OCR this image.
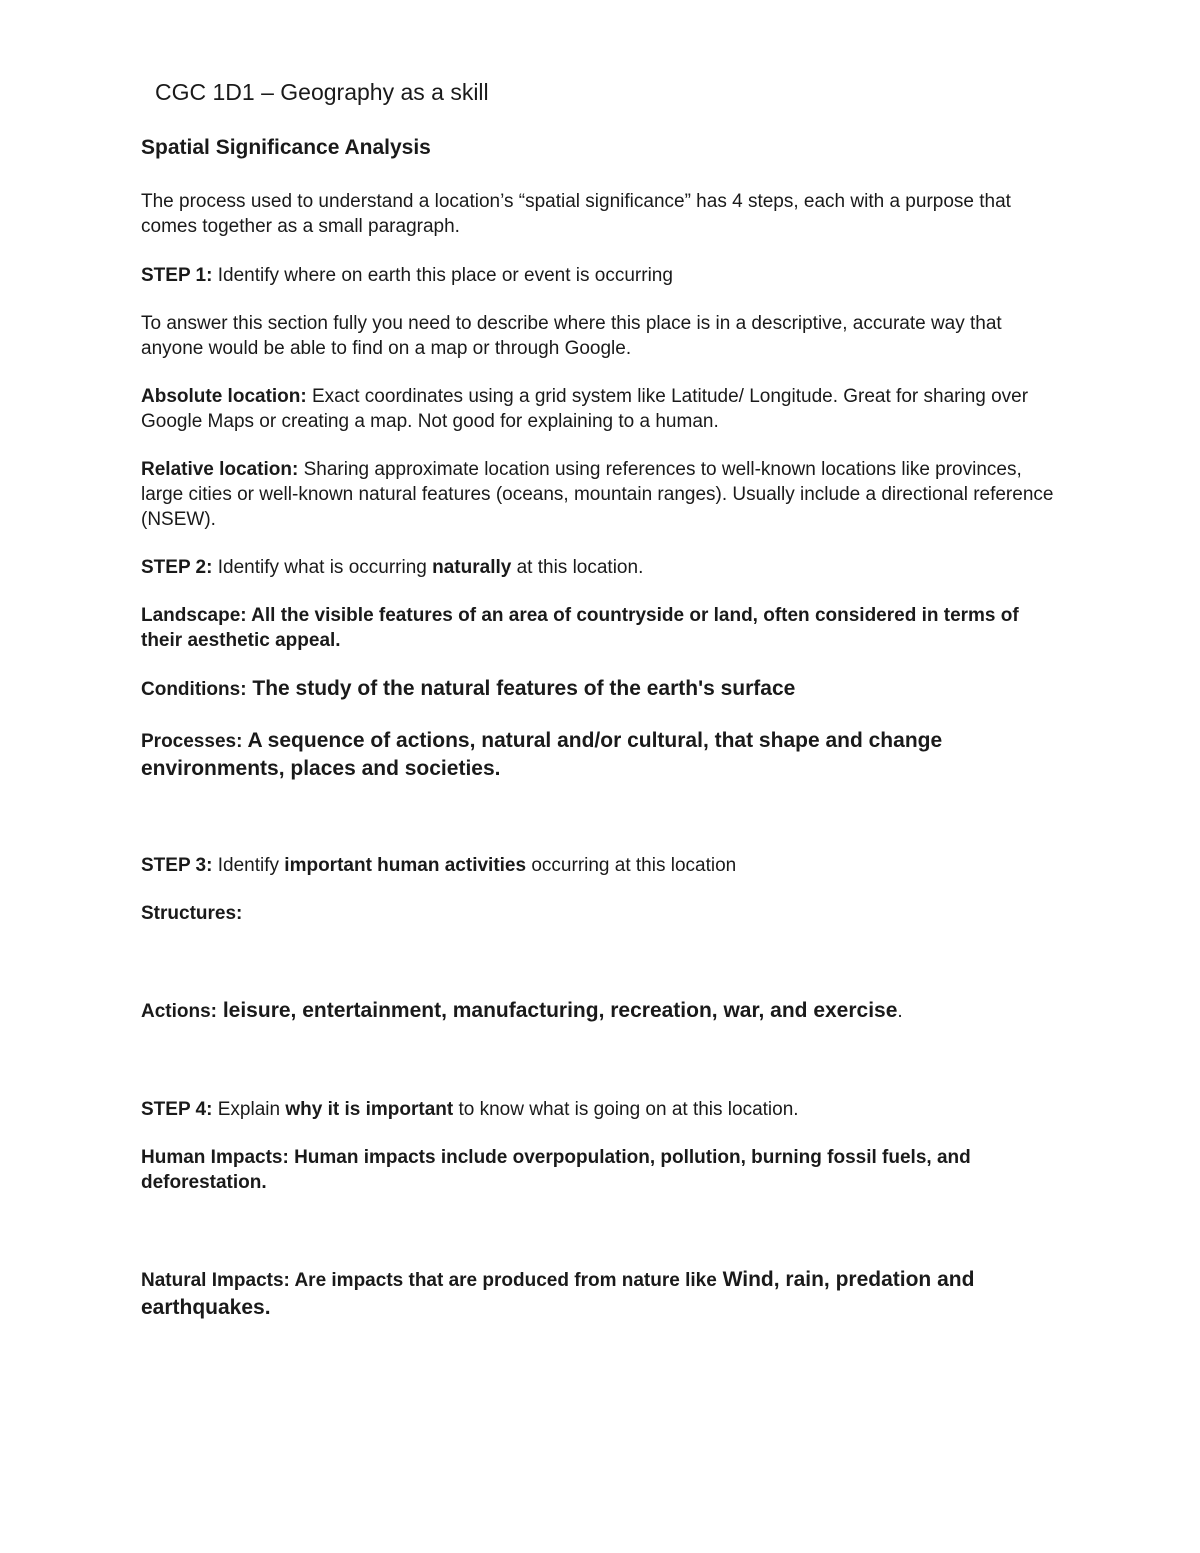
CGC 1D1 – Geography as a skill
Spatial Significance Analysis
The process used to understand a location’s “spatial significance” has 4 steps, each with a purpose that comes together as a small paragraph.
STEP 1: Identify where on earth this place or event is occurring
To answer this section fully you need to describe where this place is in a descriptive, accurate way that anyone would be able to find on a map or through Google.
Absolute location: Exact coordinates using a grid system like Latitude/ Longitude. Great for sharing over Google Maps or creating a map. Not good for explaining to a human.
Relative location: Sharing approximate location using references to well-known locations like provinces, large cities or well-known natural features (oceans, mountain ranges). Usually include a directional reference (NSEW).
STEP 2: Identify what is occurring naturally at this location.
Landscape: All the visible features of an area of countryside or land, often considered in terms of their aesthetic appeal.
Conditions: The study of the natural features of the earth's surface
Processes: A sequence of actions, natural and/or cultural, that shape and change environments, places and societies.
STEP 3: Identify important human activities occurring at this location
Structures:
Actions: leisure, entertainment, manufacturing, recreation, war, and exercise.
STEP 4: Explain why it is important to know what is going on at this location.
Human Impacts: Human impacts include overpopulation, pollution, burning fossil fuels, and deforestation.
Natural Impacts: Are impacts that are produced from nature like Wind, rain, predation and earthquakes.
